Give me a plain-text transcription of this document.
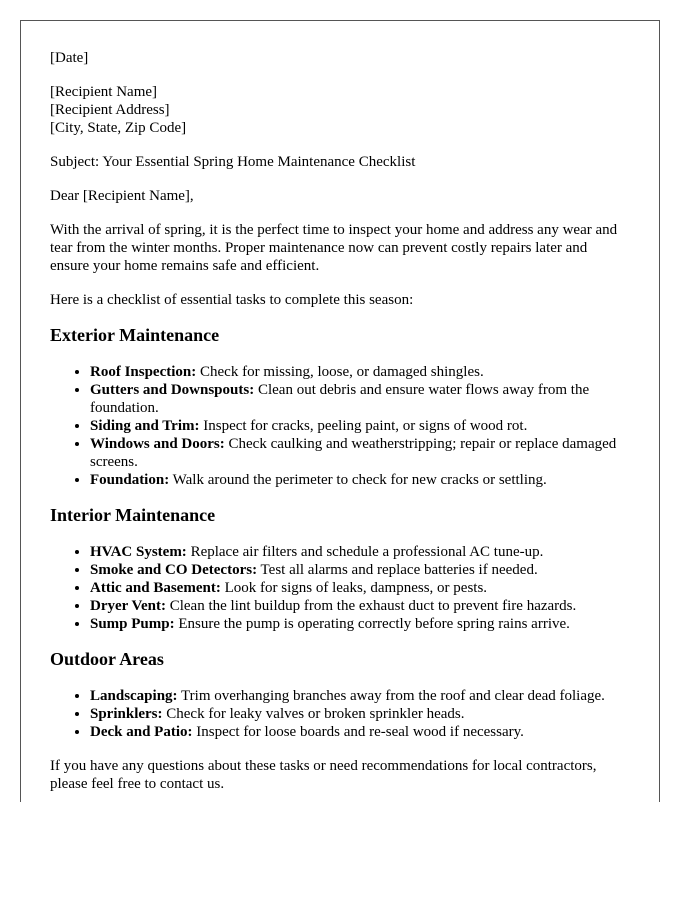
[Date]

[Recipient Name]
[Recipient Address]
[City, State, Zip Code]

Subject: Your Essential Spring Home Maintenance Checklist

Dear [Recipient Name],

With the arrival of spring, it is the perfect time to inspect your home and address any wear and tear from the winter months. Proper maintenance now can prevent costly repairs later and ensure your home remains safe and efficient.

Here is a checklist of essential tasks to complete this season:

Exterior Maintenance
• Roof Inspection: Check for missing, loose, or damaged shingles.
• Gutters and Downspouts: Clean out debris and ensure water flows away from the foundation.
• Siding and Trim: Inspect for cracks, peeling paint, or signs of wood rot.
• Windows and Doors: Check caulking and weatherstripping; repair or replace damaged screens.
• Foundation: Walk around the perimeter to check for new cracks or settling.
Interior Maintenance
• HVAC System: Replace air filters and schedule a professional AC tune-up.
• Smoke and CO Detectors: Test all alarms and replace batteries if needed.
• Attic and Basement: Look for signs of leaks, dampness, or pests.
• Dryer Vent: Clean the lint buildup from the exhaust duct to prevent fire hazards.
• Sump Pump: Ensure the pump is operating correctly before spring rains arrive.
Outdoor Areas
• Landscaping: Trim overhanging branches away from the roof and clear dead foliage.
• Sprinklers: Check for leaky valves or broken sprinkler heads.
• Deck and Patio: Inspect for loose boards and re-seal wood if necessary.

If you have any questions about these tasks or need recommendations for local contractors, please feel free to contact us.
